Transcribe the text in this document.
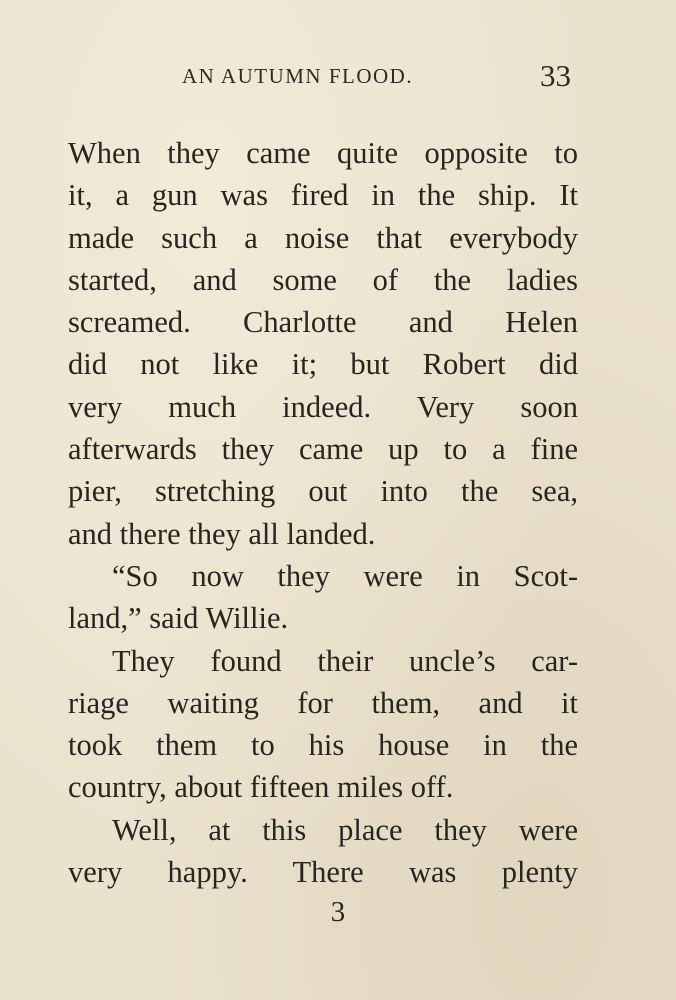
AN AUTUMN FLOOD.	33
When they came quite opposite to
it, a gun was fired in the ship. It
made such a noise that everybody
started, and some of the ladies
screamed. Charlotte and Helen
did not like it; but Robert did
very much indeed. Very soon
afterwards they came up to a fine
pier, stretching out into the sea,
and there they all landed.
“So now they were in Scot-
land,” said Willie.
They found their uncle’s car-
riage waiting for them, and it
took them to his house in the
country, about fifteen miles off.
Well, at this place they were
very happy. There was plenty
3
